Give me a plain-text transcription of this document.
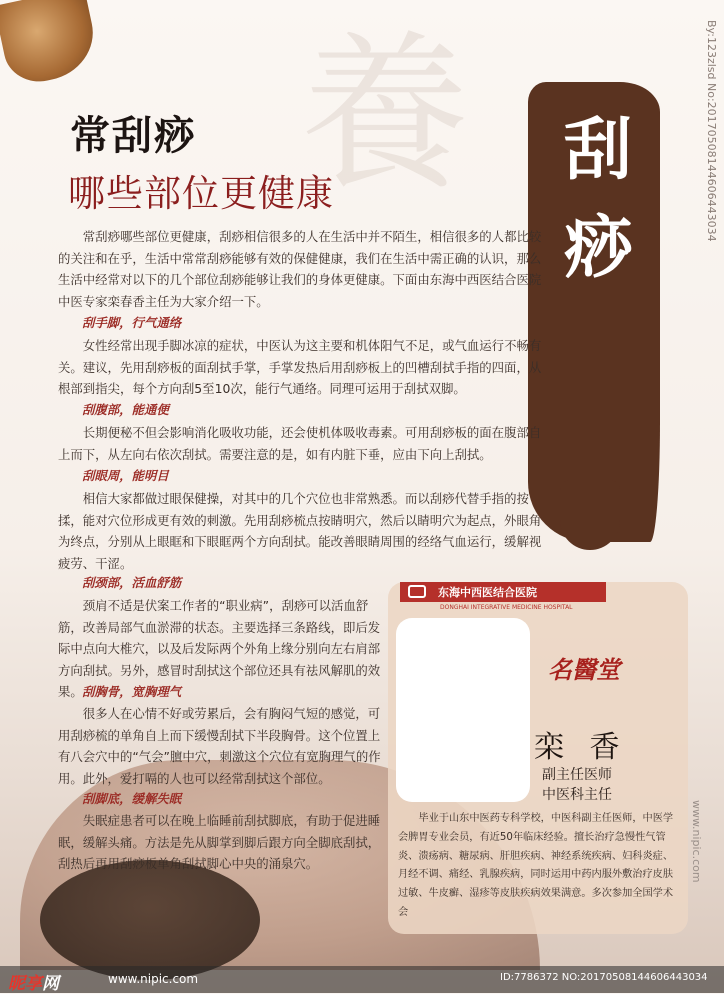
養 刮
痧
By:123zlsd No:20170508144606443034
常刮痧
哪些部位更健康

常刮痧哪些部位更健康，刮痧相信很多的人在生活中并不陌生，相信很多的人都比较的关注和在乎，生活中常常刮痧能够有效的保健健康，我们在生活中需正确的认识，那么生活中经常对以下的几个部位刮痧能够让我们的身体更健康。下面由东海中西医结合医院中医专家栾春香主任为大家介绍一下。

刮手脚，行气通络

女性经常出现手脚冰凉的症状，中医认为这主要和机体阳气不足，或气血运行不畅有关。建议，先用刮痧板的面刮拭手掌，手掌发热后用刮痧板上的凹槽刮拭手指的四面，从根部到指尖，每个方向刮5至10次，能行气通络。同理可运用于刮拭双脚。

刮腹部，能通便

长期便秘不但会影响消化吸收功能，还会使机体吸收毒素。可用刮痧板的面在腹部自上而下，从左向右依次刮拭。需要注意的是，如有内脏下垂，应由下向上刮拭。

刮眼周，能明目

相信大家都做过眼保健操，对其中的几个穴位也非常熟悉。而以刮痧代替手指的按揉，能对穴位形成更有效的刺激。先用刮痧梳点按睛明穴，然后以睛明穴为起点，外眼角为终点，分别从上眼眶和下眼眶两个方向刮拭。能改善眼睛周围的经络气血运行，缓解视疲劳、干涩。

刮颈部，活血舒筋

颈肩不适是伏案工作者的“职业病”，刮痧可以活血舒筋，改善局部气血淤滞的状态。主要选择三条路线，即后发际中点向大椎穴，以及后发际两个外角上缘分别向左右肩部方向刮拭。另外，感冒时刮拭这个部位还具有祛风解肌的效果。 刮胸骨，宽胸理气

很多人在心情不好或劳累后，会有胸闷气短的感觉，可用刮痧梳的单角自上而下缓慢刮拭下半段胸骨。这个位置上有八会穴中的“气会”膻中穴，刺激这个穴位有宽胸理气的作用。此外，爱打嗝的人也可以经常刮拭这个部位。

刮脚底，缓解失眠

失眠症患者可以在晚上临睡前刮拭脚底，有助于促进睡眠，缓解头痛。方法是先从脚掌到脚后跟方向全脚底刮拭，刮热后再用刮痧板单角刮拭脚心中央的涌泉穴。

东海中西医结合医院
DONGHAI INTEGRATIVE MEDICINE HOSPITAL
名醫堂
栾 香
副主任医师
中医科主任

毕业于山东中医药专科学校，中医科副主任医师，中医学会脾胃专业会员，有近50年临床经验。擅长治疗急慢性气管炎、溃疡病、糖尿病、肝胆疾病、神经系统疾病、妇科炎症、月经不调、痛经、乳腺疾病，同时运用中药内服外敷治疗皮肤过敏、牛皮癣、湿疹等皮肤疾病效果满意。多次参加全国学术会

www.nipic.com
昵享网	www.nipic.com	ID:7786372 NO:20170508144606443034
